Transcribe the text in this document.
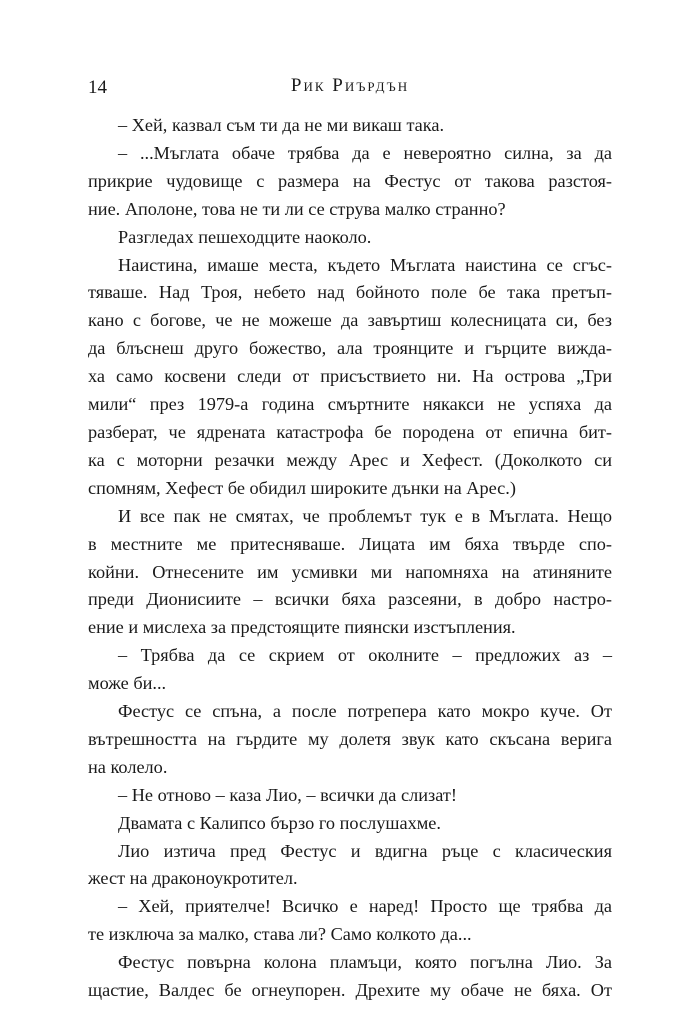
14	Рик Риърдън

– Хей, казвал съм ти да не ми викаш така.

– ...Мъглата обаче трябва да е невероятно силна, за да
прикрие чудовище с размера на Фестус от такова разстоя-
ние. Аполоне, това не ти ли се струва малко странно?

Разгледах пешеходците наоколо.

Наистина, имаше места, където Мъглата наистина се сгъс-
тяваше. Над Троя, небето над бойното поле бе така претъп-
кано с богове, че не можеше да завъртиш колесницата си, без
да блъснеш друго божество, ала троянците и гърците вижда-
ха само косвени следи от присъствието ни. На острова „Три
мили“ през 1979-а година смъртните някакси не успяха да
разберат, че ядрената катастрофа бе породена от епична бит-
ка с моторни резачки между Арес и Хефест. (Доколкото си
спомням, Хефест бе обидил широките дънки на Арес.)

И все пак не смятах, че проблемът тук е в Мъглата. Нещо
в местните ме притесняваше. Лицата им бяха твърде спо-
койни. Отнесените им усмивки ми напомняха на атиняните
преди Дионисиите – всички бяха разсеяни, в добро настро-
ение и мислеха за предстоящите пиянски изстъпления.

– Трябва да се скрием от околните – предложих аз –
може би...

Фестус се спъна, а после потрепера като мокро куче. От
вътрешността на гърдите му долетя звук като скъсана верига
на колело.

– Не отново – каза Лио, – всички да слизат!

Двамата с Калипсо бързо го послушахме.

Лио изтича пред Фестус и вдигна ръце с класическия
жест на драконоукротител.

– Хей, приятелче! Всичко е наред! Просто ще трябва да
те изключа за малко, става ли? Само колкото да...

Фестус повърна колона пламъци, която погълна Лио. За
щастие, Валдес бе огнеупорен. Дрехите му обаче не бяха. От
